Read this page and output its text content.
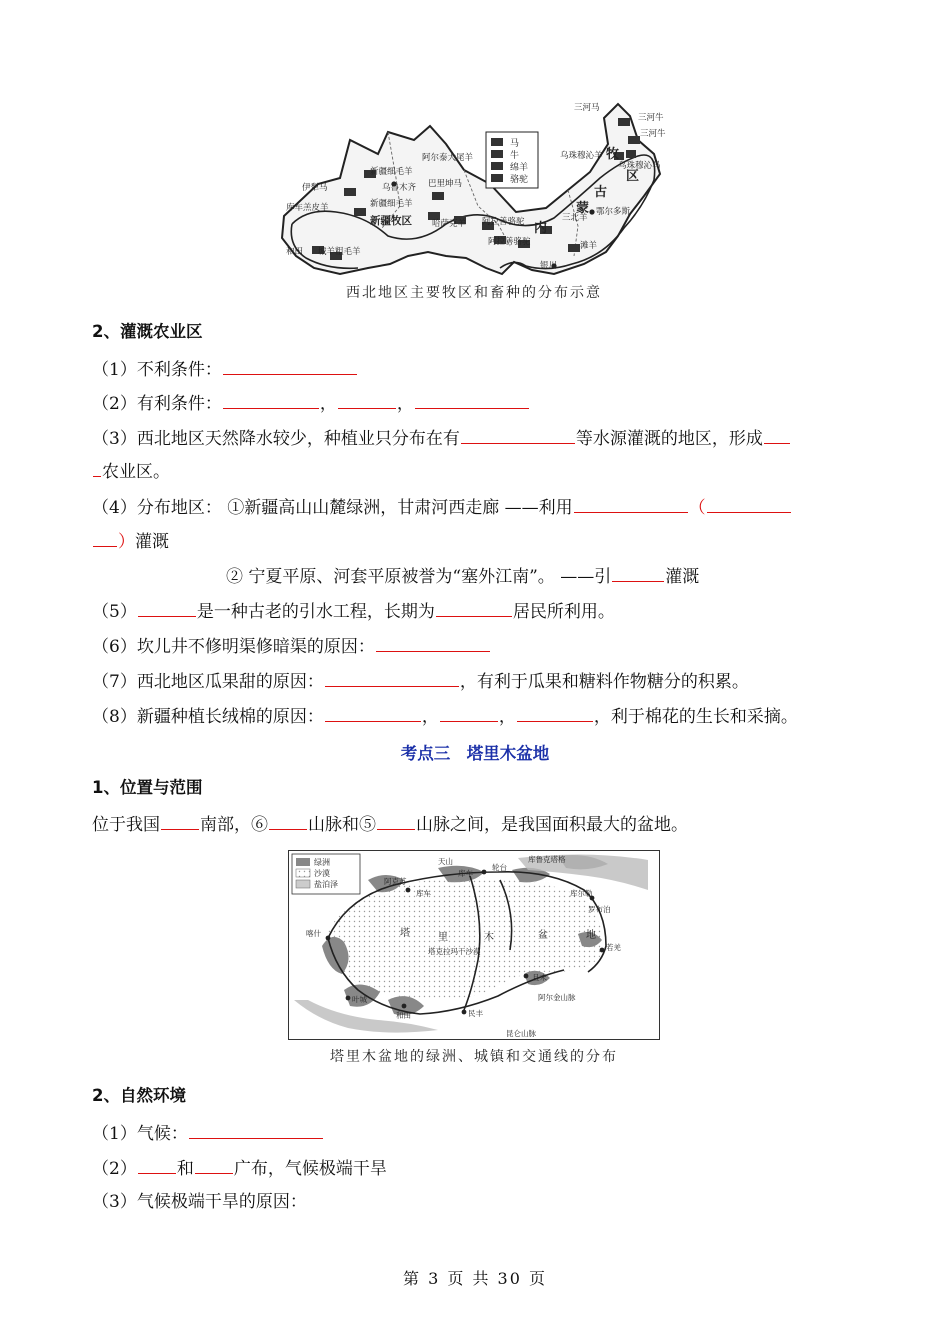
马
牛
绵羊
骆驼
三河马
三河牛
三河牛
乌珠穆沁羊
乌珠穆沁马
阿尔泰大尾羊
新疆细毛羊
乌鲁木齐
伊犁马	巴里坤马
新疆细毛羊
库车羔皮羊
哈萨克羊 阿拉善骆驼
阿拉善骆驼
和田 城羊粗毛羊
三北羊
鄂尔多斯
滩羊
银川
新疆牧区
牧
区
古
蒙
内
西北地区主要牧区和畜种的分布示意
2、灌溉农业区
（1）不利条件：
（2）有利条件：	，	，
（3）西北地区天然降水较少，种植业只分布在有	等水源灌溉的地区，形成
农业区。
（4）分布地区： ①新疆高山山麓绿洲，甘肃河西走廊 ——利用	（
）灌溉
② 宁夏平原、河套平原被誉为“塞外江南”。 ——引	灌溉
（5）	是一种古老的引水工程，长期为	居民所利用。
（6）坎儿井不修明渠修暗渠的原因：
（7）西北地区瓜果甜的原因：	，有利于瓜果和糖料作物糖分的积累。
（8）新疆种植长绒棉的原因：	，	，	，利于棉花的生长和采摘。
考点三　塔里木盆地
1、位置与范围
位于我国 南部，⑥ 山脉和⑤ 山脉之间，是我国面积最大的盆地。
绿洲
沙漠
盐泊泽
塔	里	木	盆	地
塔克拉玛干沙漠
喀什
阿克苏
库车
轮台
库车
库尔勒
若羌
且末
叶城
和田	民丰
罗布泊
库鲁克塔格
天山
阿尔金山脉
昆仑山脉
塔里木盆地的绿洲、城镇和交通线的分布
2、自然环境
（1）气候：
（2） 和 广布，气候极端干旱
（3）气候极端干旱的原因：
第 3 页 共 30 页
